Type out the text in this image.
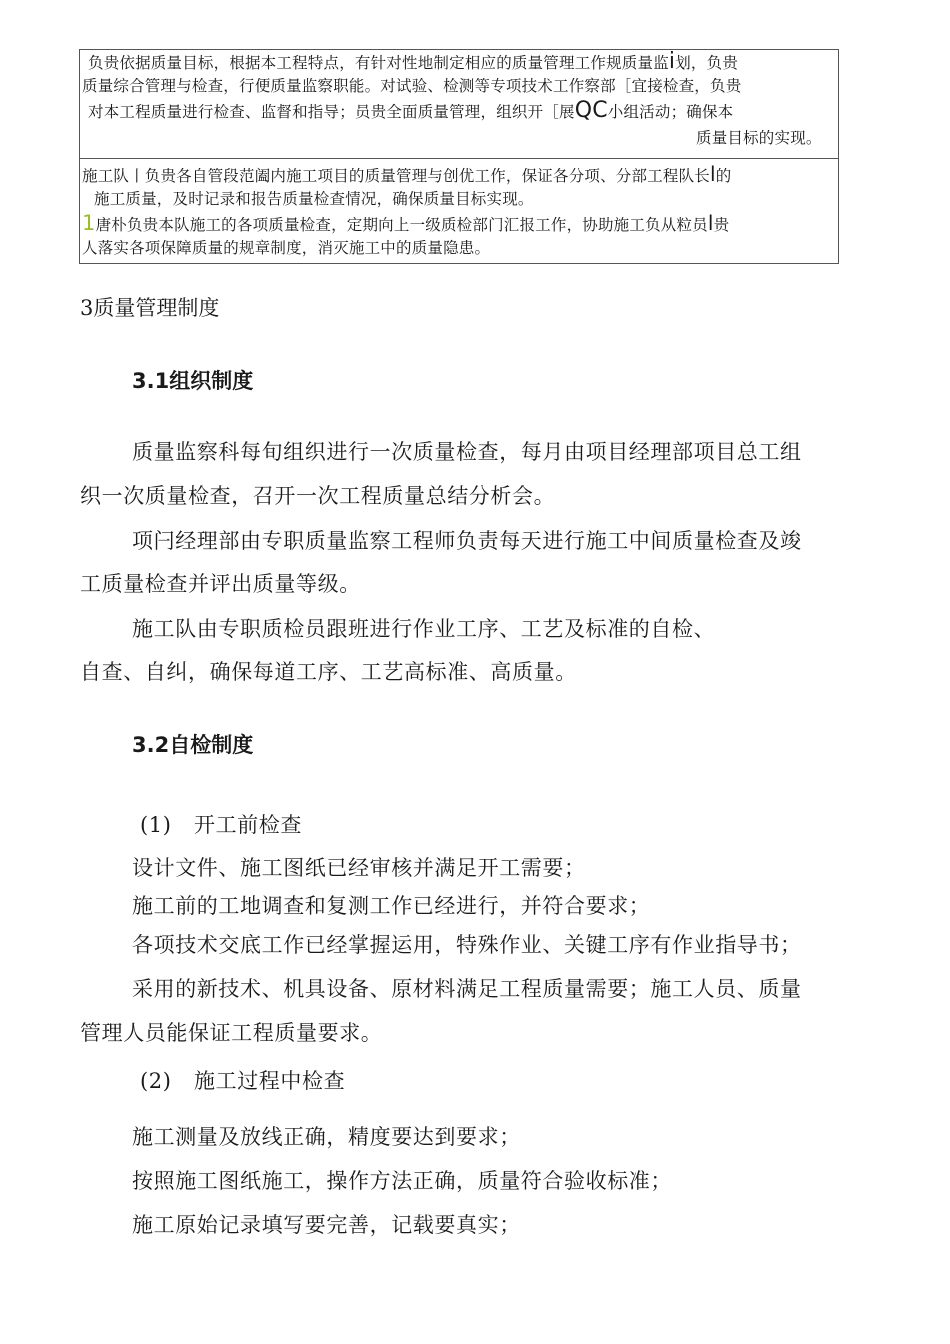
负贵依据质量目标，根据本工程特点，有针对性地制定相应的质量管理工作规质量监i划，负贵
质量综合管理与检查，行便质量监察职能。对试验、检测等专项技术工作察部［宜接检查，负贵
对本工程质量进行检查、监督和指导；员贵全面质量管理，组织开［展QC小组活动；确保本
质量目标的实现。
施工队丨负贵各自管段范阖内施工项目的质量管理与创优工作，保证各分项、分部工程队长l的
施工质量，及时记录和报告质量检查情况，确保质量目标实现。
1唐朴负贵本队施工的各项质量检查，定期向上一级质检部门汇报工作，协助施工负从粒员l贵
人落实各项保障质量的规章制度，消灭施工中的质量隐患。
3质量管理制度
3.1组织制度
质量监察科每旬组织进行一次质量检查，每月由项目经理部项目总工组
织一次质量检查，召开一次工程质量总结分析会。
项闩经理部由专职质量监察工程师负责每天进行施工中间质量检查及竣
工质量检查并评出质量等级。
施工队由专职质检员跟班进行作业工序、工艺及标准的自检、
自查、自纠，确保每道工序、工艺高标准、高质量。
3.2自检制度
(1) 开工前检查
设计文件、施工图纸已经审核并满足开工需要；
施工前的工地调查和复测工作已经进行，并符合要求；
各项技术交底工作已经掌握运用，特殊作业、关键工序有作业指导书；
采用的新技术、机具设备、原材料满足工程质量需要；施工人员、质量
管理人员能保证工程质量要求。
(2) 施工过程中检查
施工测量及放线正确，精度要达到要求；
按照施工图纸施工，操作方法正确，质量符合验收标准；
施工原始记录填写要完善，记载要真实；
